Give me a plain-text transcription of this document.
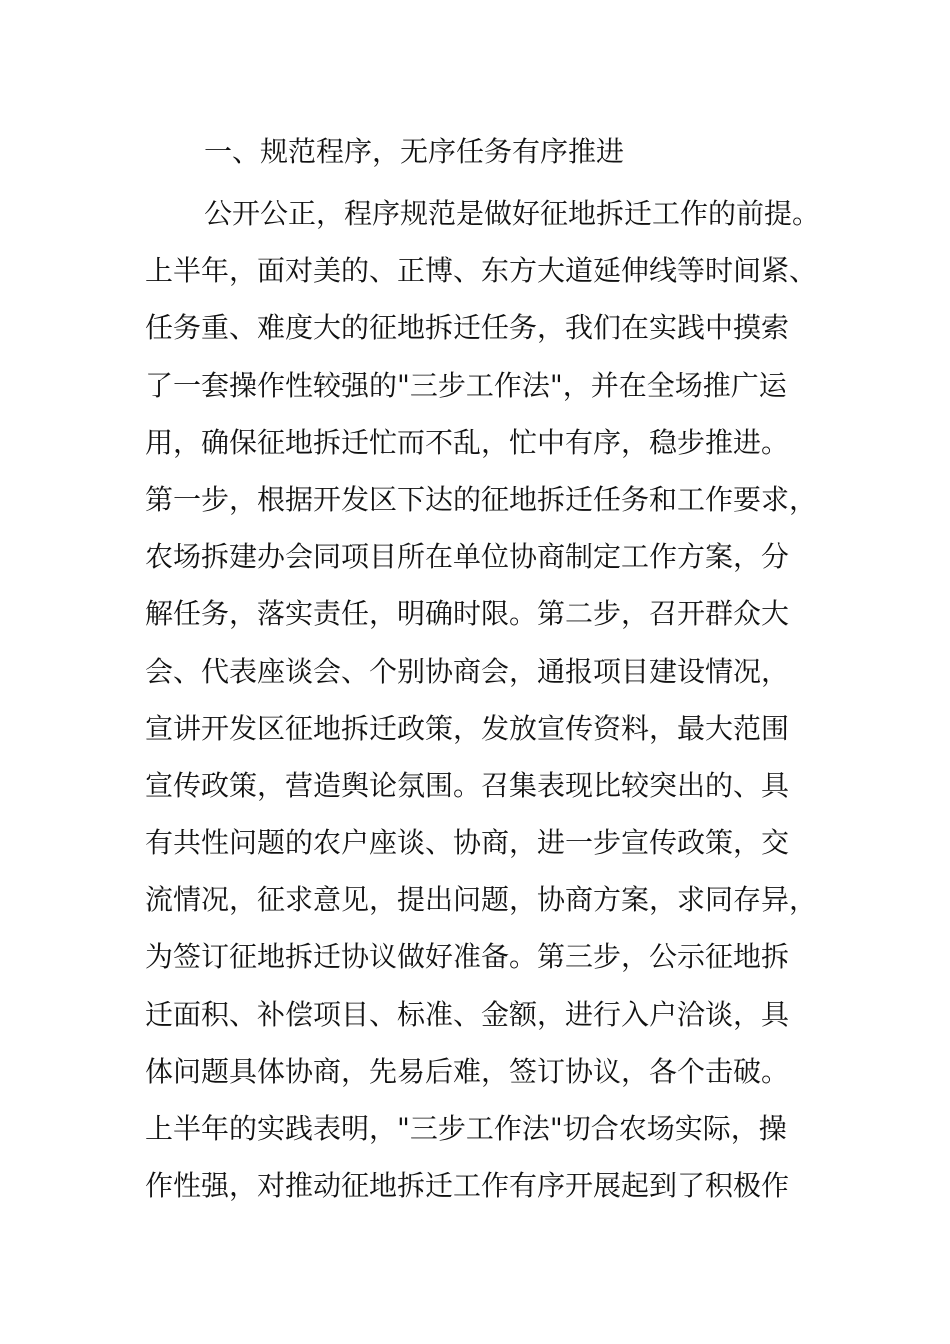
一、规范程序，无序任务有序推进
公开公正，程序规范是做好征地拆迁工作的前提。
上半年，面对美的、正博、东方大道延伸线等时间紧、
任务重、难度大的征地拆迁任务，我们在实践中摸索
了一套操作性较强的"三步工作法"，并在全场推广运
用，确保征地拆迁忙而不乱，忙中有序，稳步推进。
第一步，根据开发区下达的征地拆迁任务和工作要求，
农场拆建办会同项目所在单位协商制定工作方案，分
解任务，落实责任，明确时限。第二步，召开群众大
会、代表座谈会、个别协商会，通报项目建设情况，
宣讲开发区征地拆迁政策，发放宣传资料，最大范围
宣传政策，营造舆论氛围。召集表现比较突出的、具
有共性问题的农户座谈、协商，进一步宣传政策，交
流情况，征求意见，提出问题，协商方案，求同存异，
为签订征地拆迁协议做好准备。第三步，公示征地拆
迁面积、补偿项目、标准、金额，进行入户洽谈，具
体问题具体协商，先易后难，签订协议，各个击破。
上半年的实践表明，"三步工作法"切合农场实际，操
作性强，对推动征地拆迁工作有序开展起到了积极作
